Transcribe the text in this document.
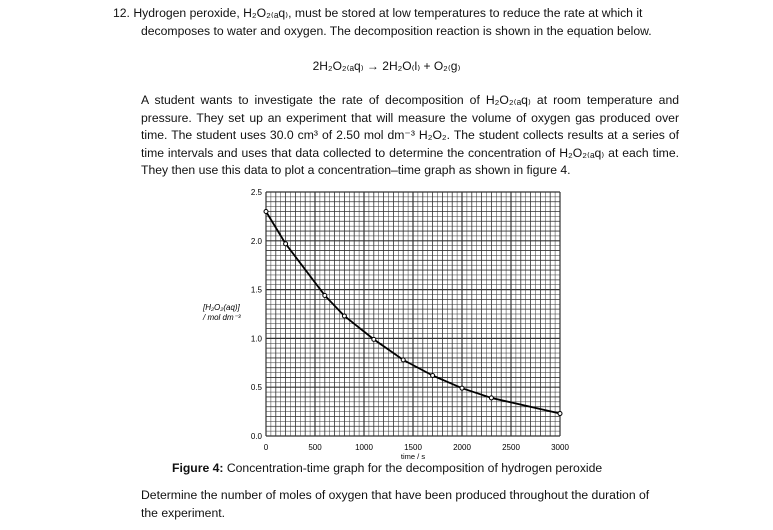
12. Hydrogen peroxide, H₂O₂₍ₐq₎, must be stored at low temperatures to reduce the rate at which it
decomposes to water and oxygen. The decomposition reaction is shown in the equation below.
2H₂O₂₍ₐq₎ → 2H₂O₍l₎ + O₂₍g₎
A student wants to investigate the rate of decomposition of H₂O₂₍ₐq₎ at room temperature and pressure. They set up an experiment that will measure the volume of oxygen gas produced over time. The student uses 30.0 cm³ of 2.50 mol dm⁻³ H₂O₂. The student collects results at a series of time intervals and uses that data collected to determine the concentration of H₂O₂₍ₐq₎ at each time. They then use this data to plot a concentration–time graph as shown in figure 4.
0	500	1000	1500	2000	2500	3000
0.0
0.5
1.0
1.5
2.0
2.5
time / s
[H₂O₂(aq)]
/ mol dm⁻³
Figure 4: Concentration-time graph for the decomposition of hydrogen peroxide
Determine the number of moles of oxygen that have been produced throughout the duration of the experiment.
